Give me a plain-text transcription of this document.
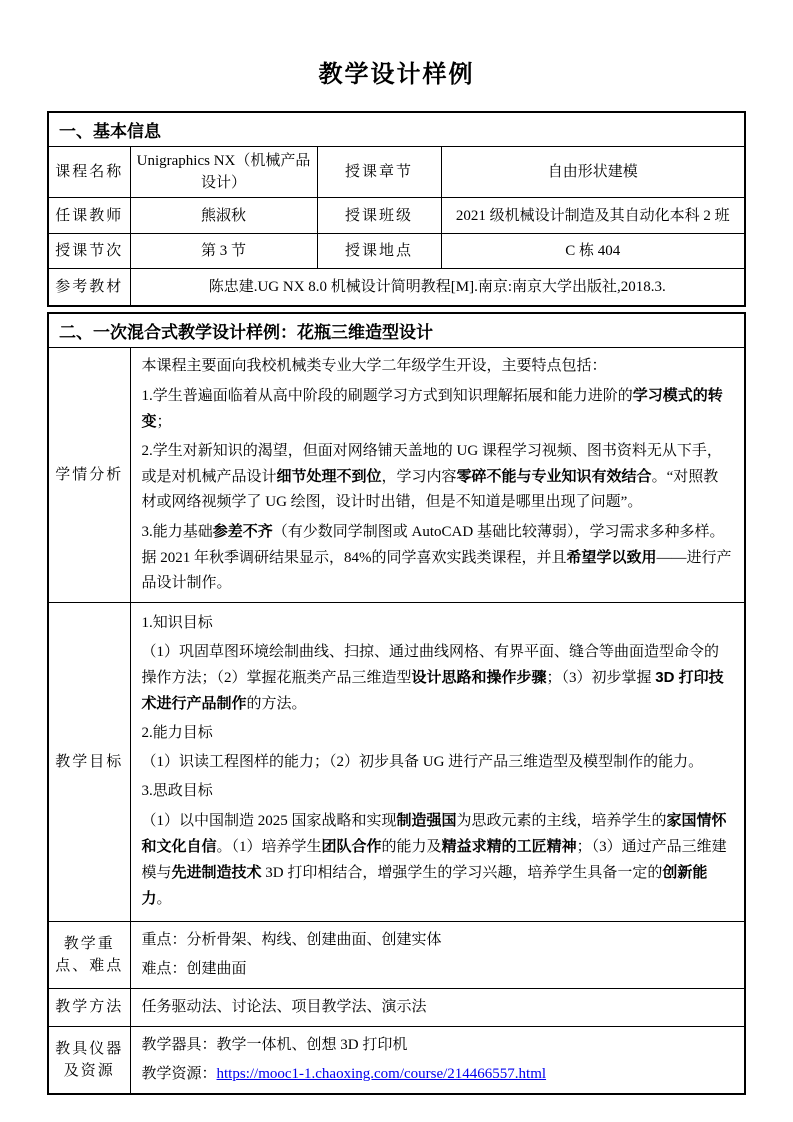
教学设计样例
一、基本信息			
课程名称	Unigraphics NX（机械产品设计）	授课章节	自由形状建模
任课教师	熊淑秋	授课班级	2021 级机械设计制造及其自动化本科 2 班
授课节次	第 3 节	授课地点	C 栋 404
参考教材	陈忠建.UG NX 8.0 机械设计简明教程[M].南京:南京大学出版社,2018.3.		
二、一次混合式教学设计样例：花瓶三维造型设计	
学情分析	本课程主要面向我校机械类专业大学二年级学生开设，主要特点包括：

1.学生普遍面临着从高中阶段的刷题学习方式到知识理解拓展和能力进阶的学习模式的转变；

2.学生对新知识的渴望，但面对网络铺天盖地的 UG 课程学习视频、图书资料无从下手，或是对机械产品设计细节处理不到位，学习内容零碎不能与专业知识有效结合。“对照教材或网络视频学了 UG 绘图，设计时出错，但是不知道是哪里出现了问题”。

3.能力基础参差不齐（有少数同学制图或 AutoCAD 基础比较薄弱），学习需求多种多样。据 2021 年秋季调研结果显示，84%的同学喜欢实践类课程，并且希望学以致用——进行产品设计制作。

教学目标	

1.知识目标

（1）巩固草图环境绘制曲线、扫掠、通过曲线网格、有界平面、缝合等曲面造型命令的操作方法；（2）掌握花瓶类产品三维造型设计思路和操作步骤；（3）初步掌握 3D 打印技术进行产品制作的方法。

2.能力目标

（1）识读工程图样的能力；（2）初步具备 UG 进行产品三维造型及模型制作的能力。

3.思政目标

（1）以中国制造 2025 国家战略和实现制造强国为思政元素的主线，培养学生的家国情怀和文化自信。（1）培养学生团队合作的能力及精益求精的工匠精神；（3）通过产品三维建模与先进制造技术 3D 打印相结合，增强学生的学习兴趣，培养学生具备一定的创新能力。

教学重点、难点	重点：分析骨架、构线、创建曲面、创建实体

难点：创建曲面

教学方法	任务驱动法、讨论法、项目教学法、演示法

教具仪器及资源	教学器具：教学一体机、创想 3D 打印机

教学资源：https://mooc1-1.chaoxing.com/course/214466557.html
